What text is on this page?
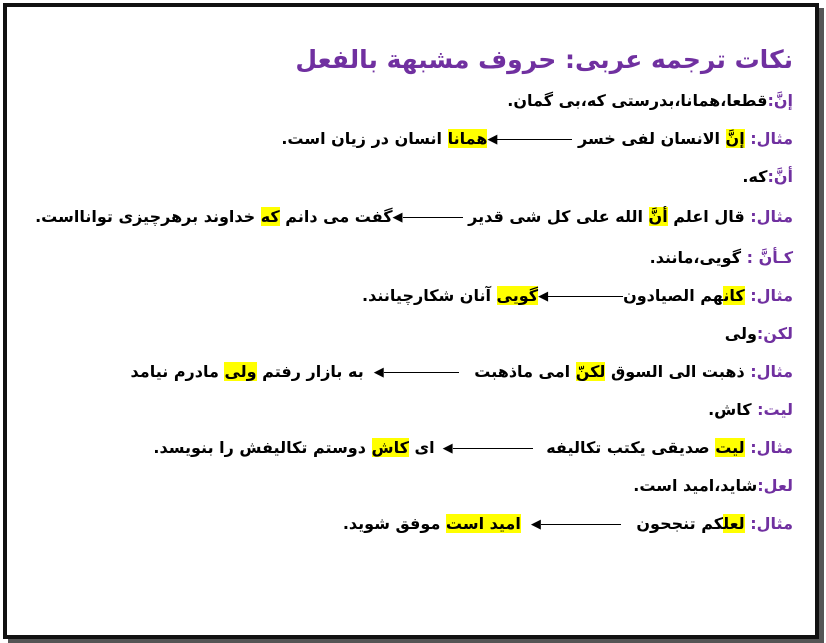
نکات ترجمه عربی: حروف مشبهة بالفعل
إنَّ:قطعا،همانا،بدرستی که،بی گمان.
مثال: إنَّ الانسان لفی خسر ◀همانا انسان در زیان است.
أنَّ:که.
مثال: قال اعلم أنَّ الله علی کل شی قدیر ◀گفت می دانم که خداوند برهرچیزی توانااست.
کـأنَّ : گویی،مانند.
مثال: کانهم الصیادون◀گویی آنان شکارچیانند.
لکن:ولی
مثال: ذهبت الی السوق لکنّ امی ماذهبت ◀به بازار رفتم ولی مادرم نیامد
لیت: کاش.
مثال: لیت صدیقی یکتب تکالیفه ◀ای کاش دوستم تکالیفش را بنویسد.
لعل:شاید،امید است.
مثال: لعلکم تنجحون ◀امید است موفق شوید.
